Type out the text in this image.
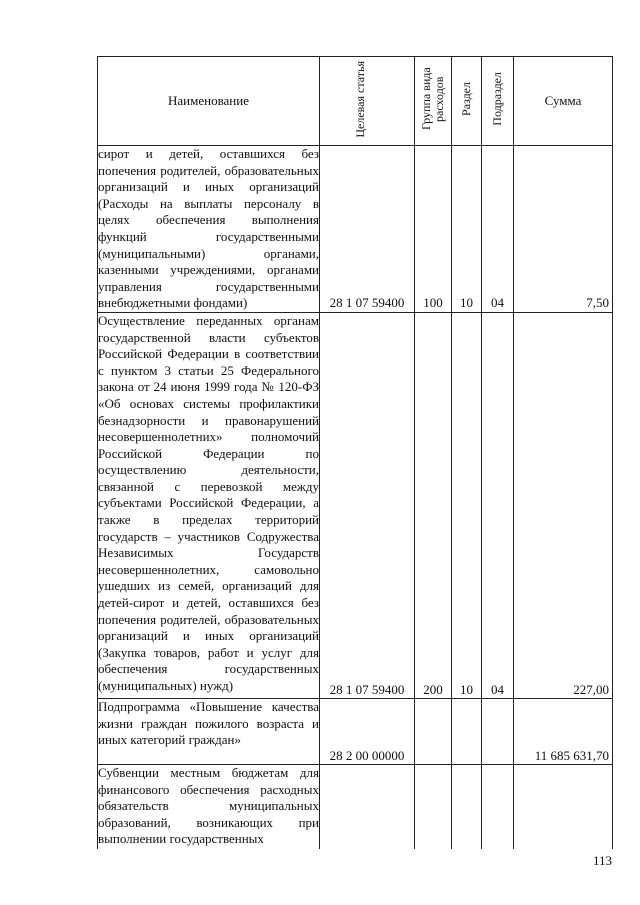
Наименование	Целевая статья	Группа вида расходов	Раздел	Подраздел	Сумма

сирот и детей, оставшихся без попечения родителей, образовательных организаций и иных организаций (Расходы на выплаты персоналу в целях обеспечения выполнения функций государственными (муниципальными) органами, казенными учреждениями, органами управления государственными внебюджетными фондами)	28 1 07 59400	100	10	04	7,50

Осуществление переданных органам государственной власти субъектов Российской Федерации в соответствии с пунктом 3 статьи 25 Федерального закона от 24 июня 1999 года № 120-ФЗ «Об основах системы профилактики безнадзорности и правонарушений несовершеннолетних» полномочий Российской Федерации по осуществлению деятельности, связанной с перевозкой между субъектами Российской Федерации, а также в пределах территорий государств – участников Содружества Независимых Государств несовершеннолетних, самовольно ушедших из семей, организаций для детей-сирот и детей, оставшихся без попечения родителей, образовательных организаций и иных организаций (Закупка товаров, работ и услуг для обеспечения государственных (муниципальных) нужд)	28 1 07 59400	200	10	04	227,00

Подпрограмма «Повышение качества жизни граждан пожилого возраста и иных категорий граждан»	28 2 00 00000				11 685 631,70

Субвенции местным бюджетам для финансового обеспечения расходных обязательств муниципальных образований, возникающих при выполнении государственных					

113
